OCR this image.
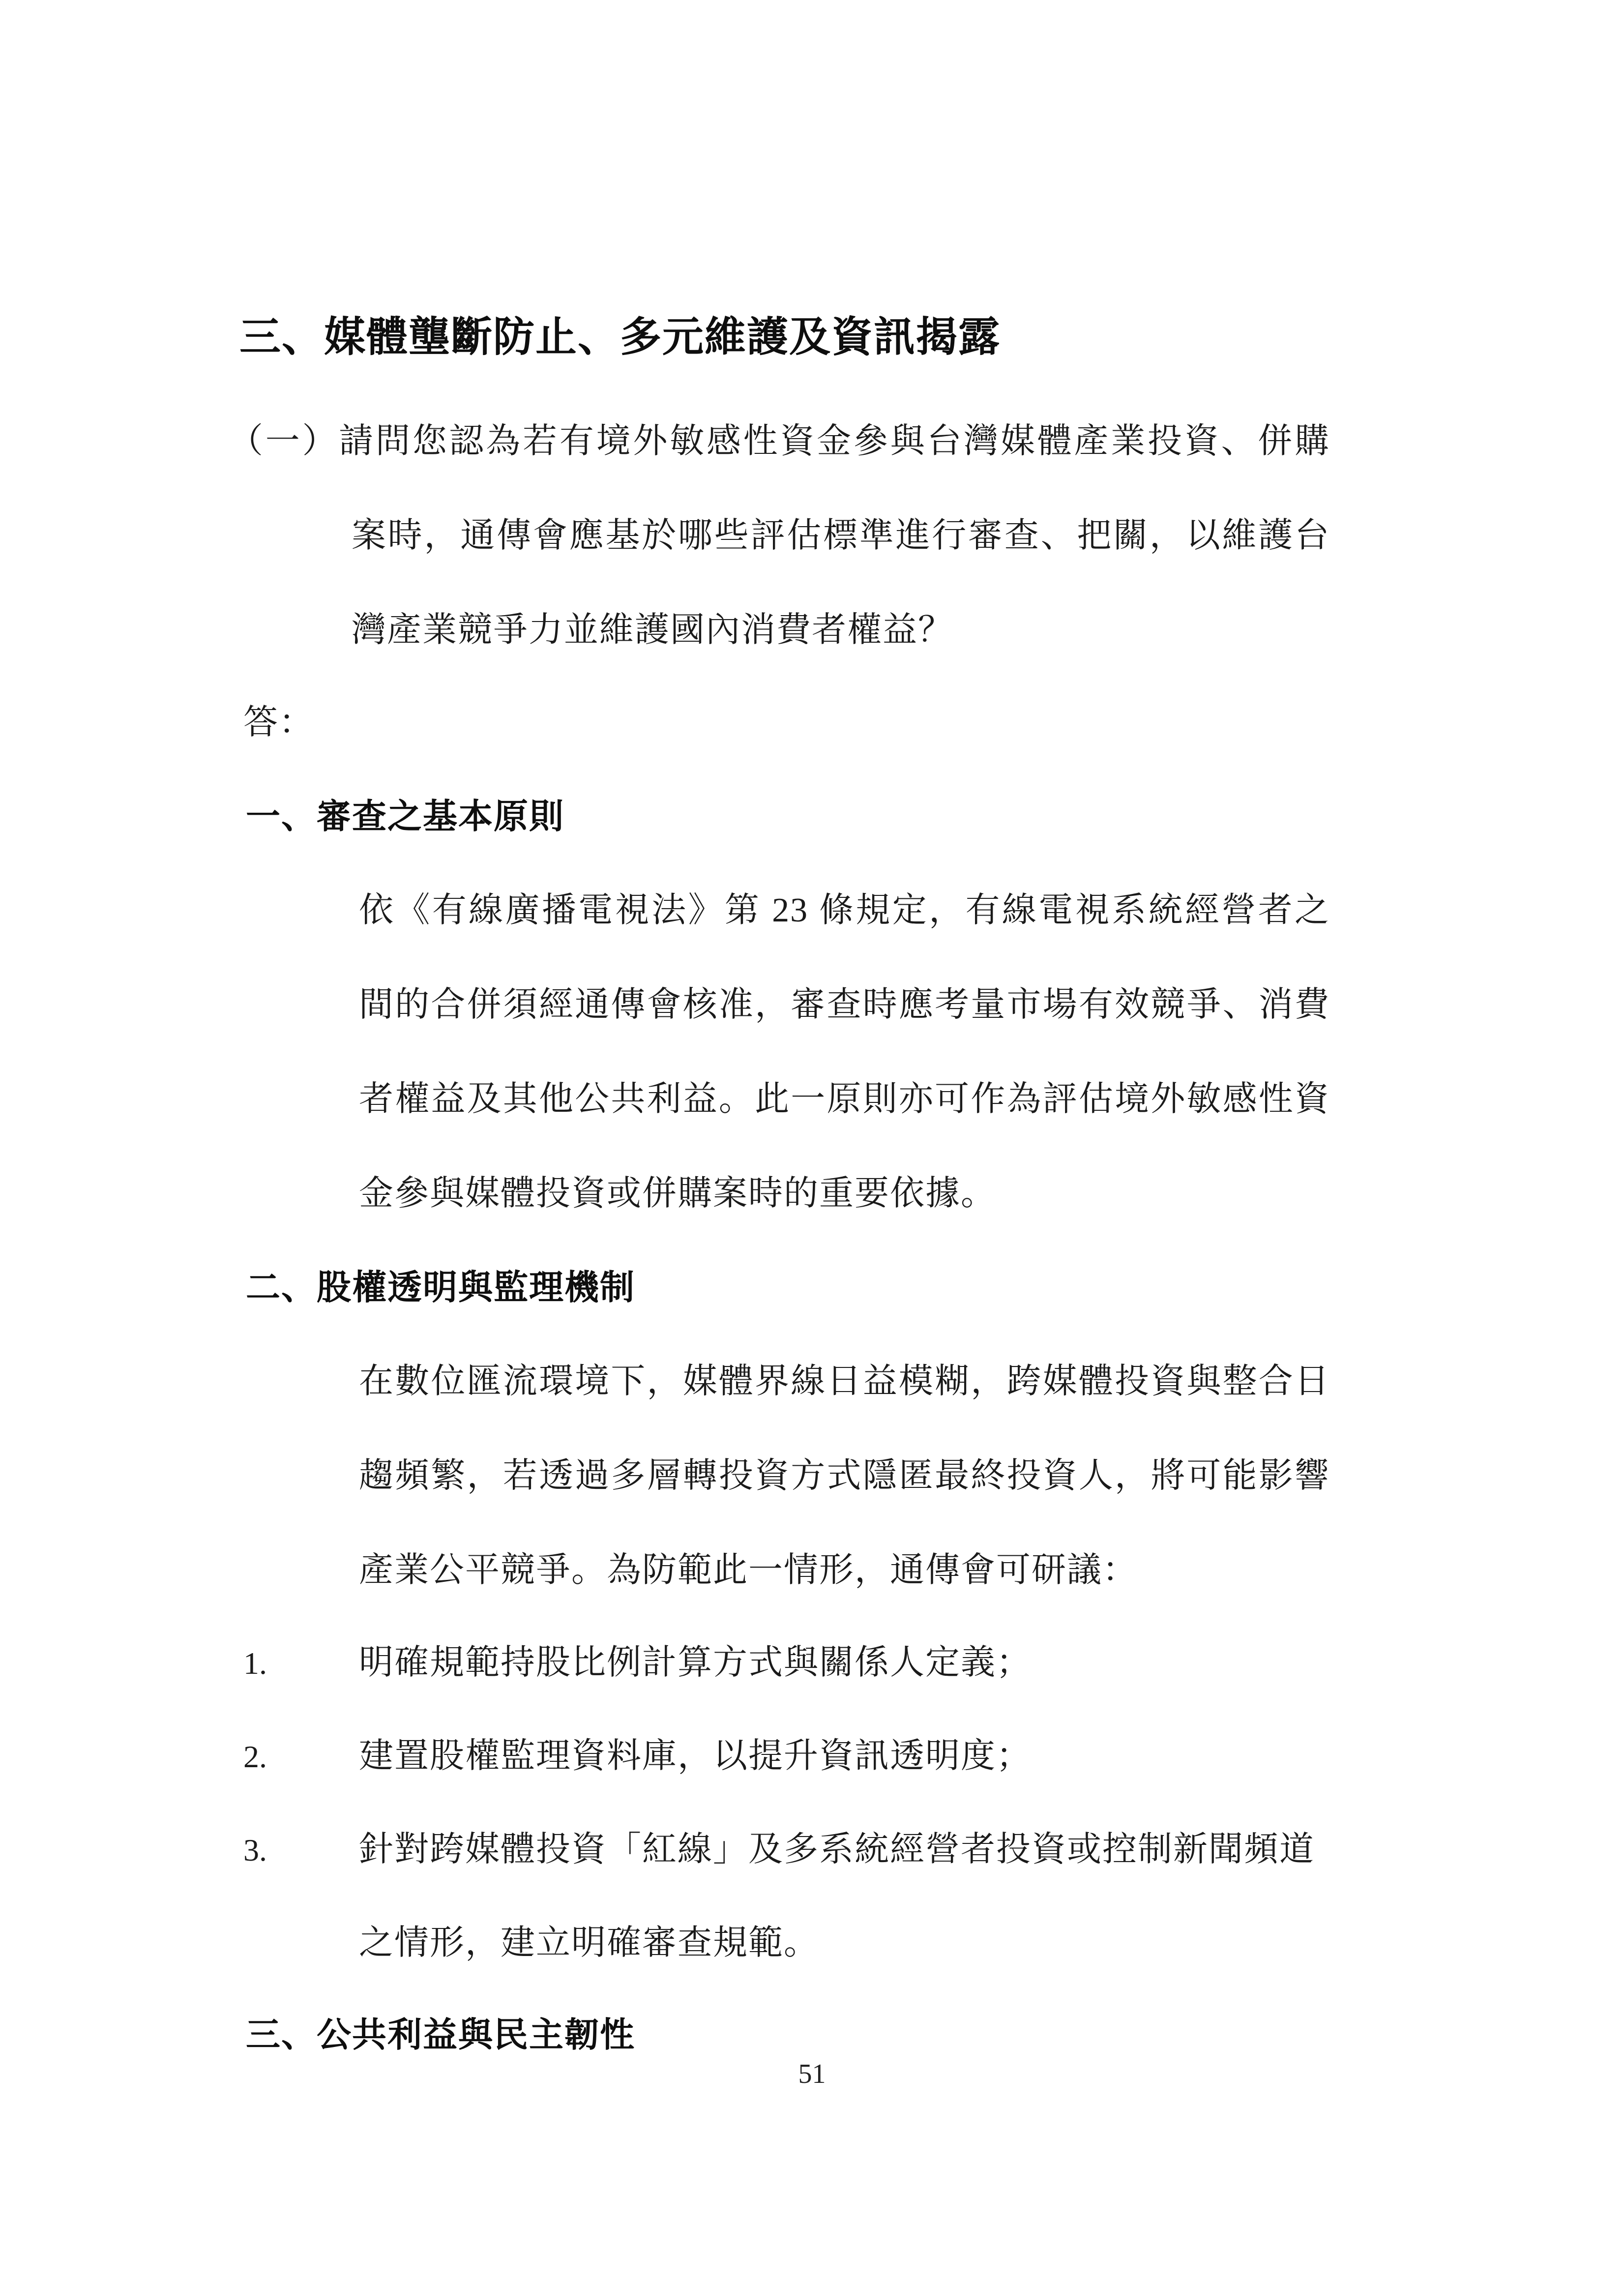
三、媒體壟斷防止、多元維護及資訊揭露
（一）請問您認為若有境外敏感性資金參與台灣媒體產業投資、併購
案時，通傳會應基於哪些評估標準進行審查、把關，以維護台
灣產業競爭力並維護國內消費者權益？
答：
一、審查之基本原則
依《有線廣播電視法》第 23 條規定，有線電視系統經營者之
間的合併須經通傳會核准，審查時應考量市場有效競爭、消費
者權益及其他公共利益。此一原則亦可作為評估境外敏感性資
金參與媒體投資或併購案時的重要依據。
二、股權透明與監理機制
在數位匯流環境下，媒體界線日益模糊，跨媒體投資與整合日
趨頻繁，若透過多層轉投資方式隱匿最終投資人，將可能影響
產業公平競爭。為防範此一情形，通傳會可研議：
1.	明確規範持股比例計算方式與關係人定義；
2.	建置股權監理資料庫，以提升資訊透明度；
3.	針對跨媒體投資「紅線」及多系統經營者投資或控制新聞頻道
之情形，建立明確審查規範。
三、公共利益與民主韌性
51
